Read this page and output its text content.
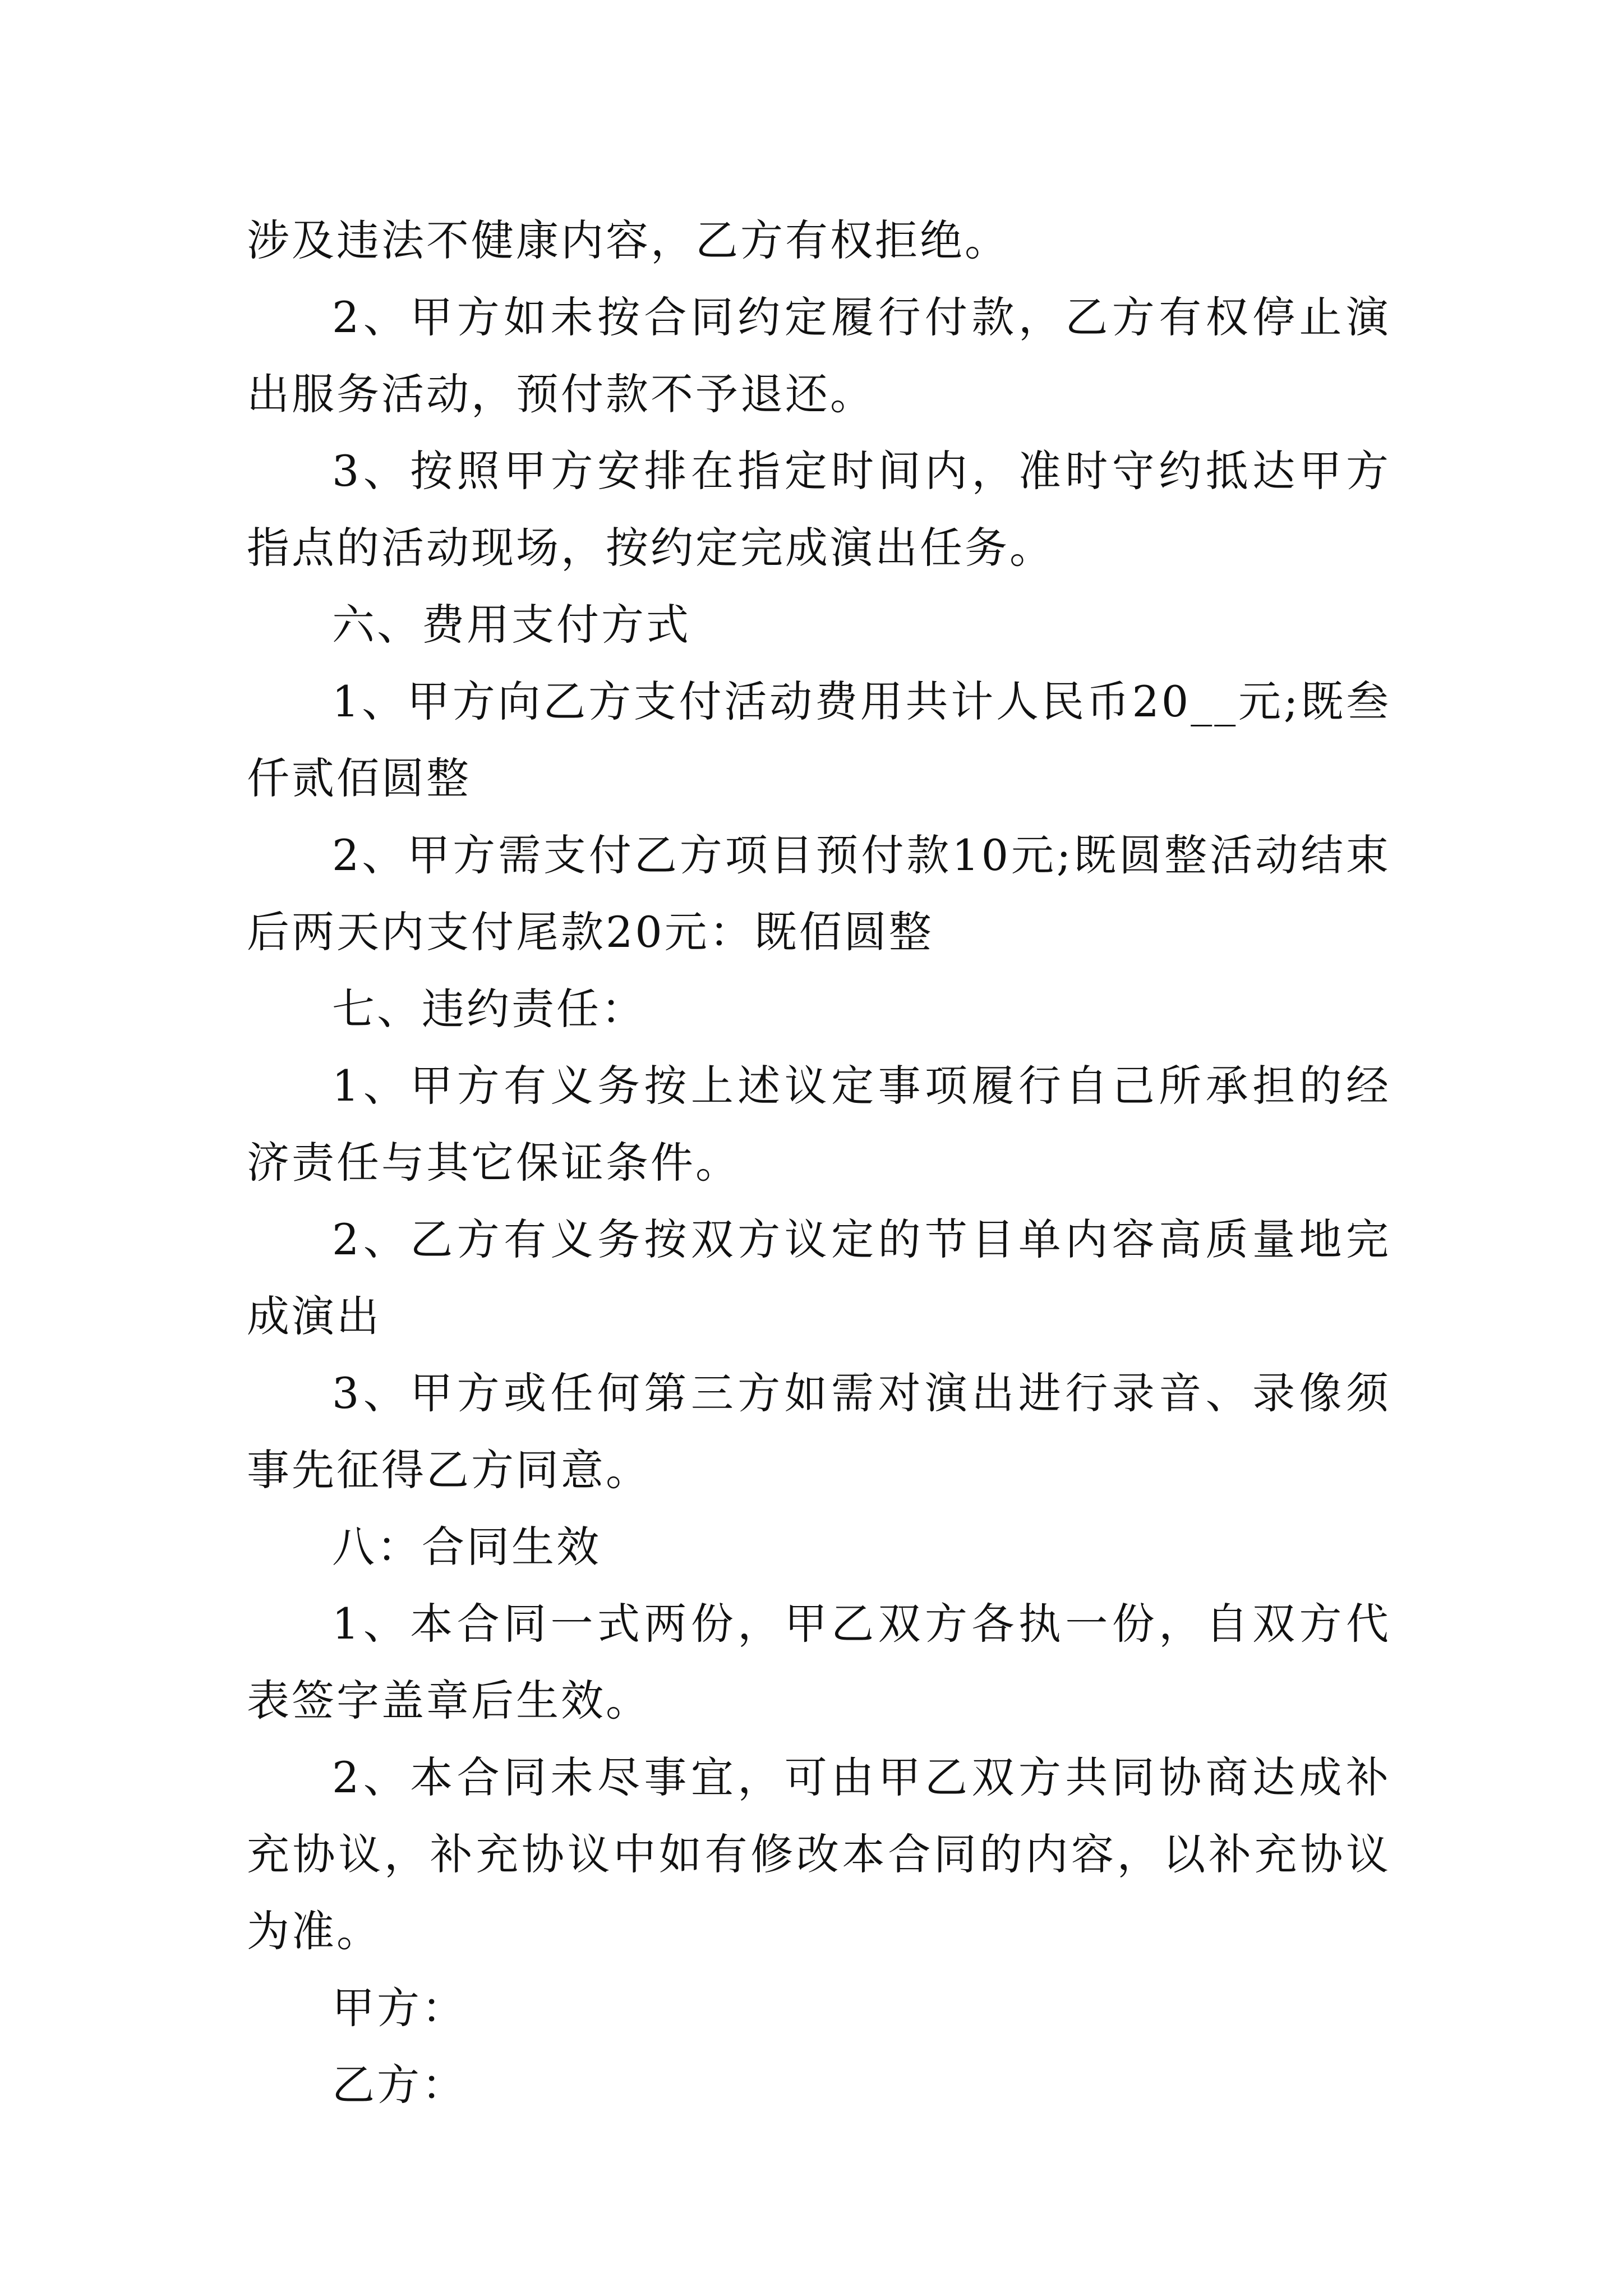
涉及违法不健康内容，乙方有权拒绝。

2、甲方如未按合同约定履行付款，乙方有权停止演出服务活动，预付款不予退还。

3、按照甲方安排在指定时间内，准时守约抵达甲方指点的活动现场，按约定完成演出任务。

六、费用支付方式

1、甲方向乙方支付活动费用共计人民币20__元;既叁仟贰佰圆整

2、甲方需支付乙方项目预付款10元;既圆整活动结束后两天内支付尾款20元：既佰圆整

七、违约责任：

1、甲方有义务按上述议定事项履行自己所承担的经济责任与其它保证条件。

2、乙方有义务按双方议定的节目单内容高质量地完成演出

3、甲方或任何第三方如需对演出进行录音、录像须事先征得乙方同意。

八：合同生效

1、本合同一式两份，甲乙双方各执一份，自双方代表签字盖章后生效。

2、本合同未尽事宜，可由甲乙双方共同协商达成补充协议，补充协议中如有修改本合同的内容，以补充协议为准。

甲方：

乙方：
